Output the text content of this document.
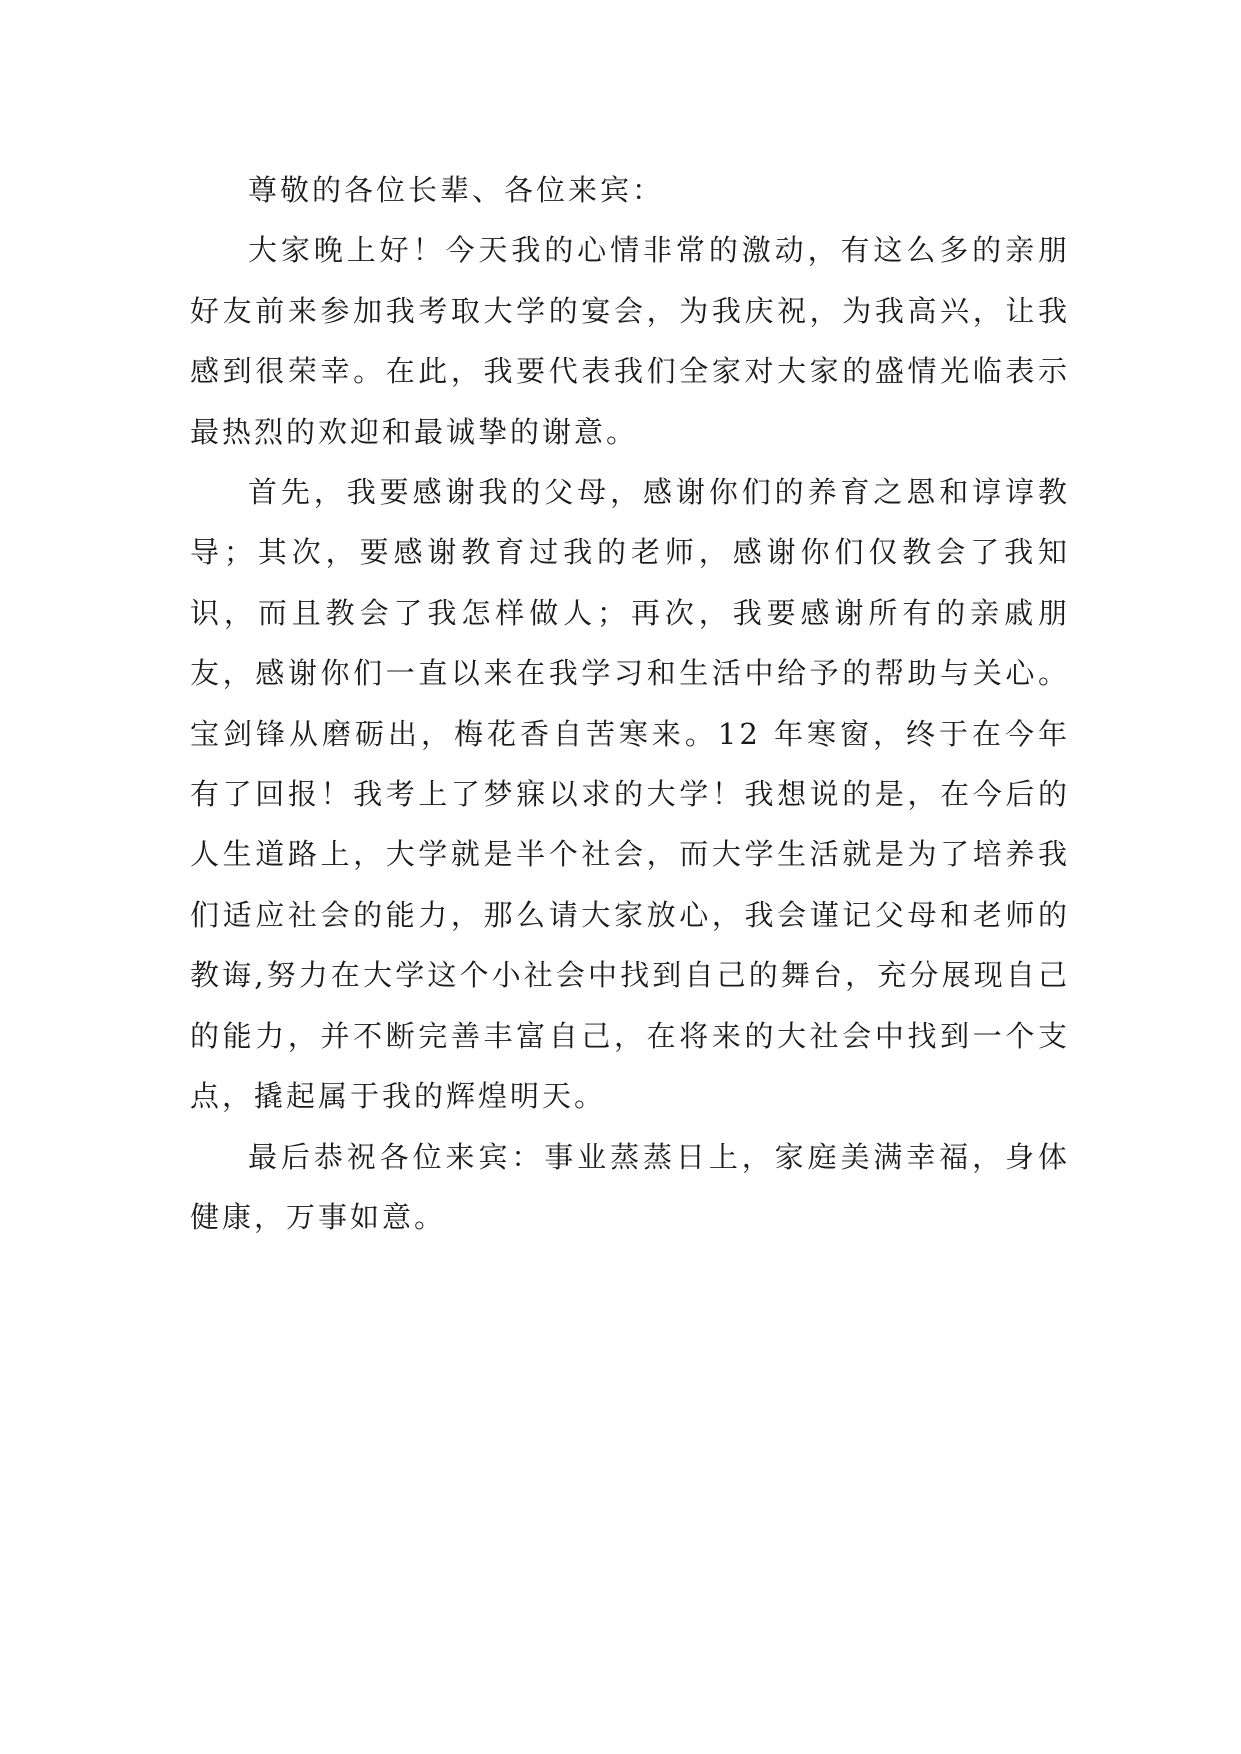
尊敬的各位长辈、各位来宾：

大家晚上好！今天我的心情非常的激动，有这么多的亲朋好友前来参加我考取大学的宴会，为我庆祝，为我高兴，让我感到很荣幸。在此，我要代表我们全家对大家的盛情光临表示最热烈的欢迎和最诚挚的谢意。

首先，我要感谢我的父母，感谢你们的养育之恩和谆谆教导；其次，要感谢教育过我的老师，感谢你们仅教会了我知识，而且教会了我怎样做人；再次，我要感谢所有的亲戚朋友，感谢你们一直以来在我学习和生活中给予的帮助与关心。宝剑锋从磨砺出，梅花香自苦寒来。12 年寒窗，终于在今年有了回报！我考上了梦寐以求的大学！我想说的是，在今后的人生道路上，大学就是半个社会，而大学生活就是为了培养我们适应社会的能力，那么请大家放心，我会谨记父母和老师的教诲,努力在大学这个小社会中找到自己的舞台，充分展现自己的能力，并不断完善丰富自己，在将来的大社会中找到一个支点，撬起属于我的辉煌明天。

最后恭祝各位来宾：事业蒸蒸日上，家庭美满幸福，身体健康，万事如意。
